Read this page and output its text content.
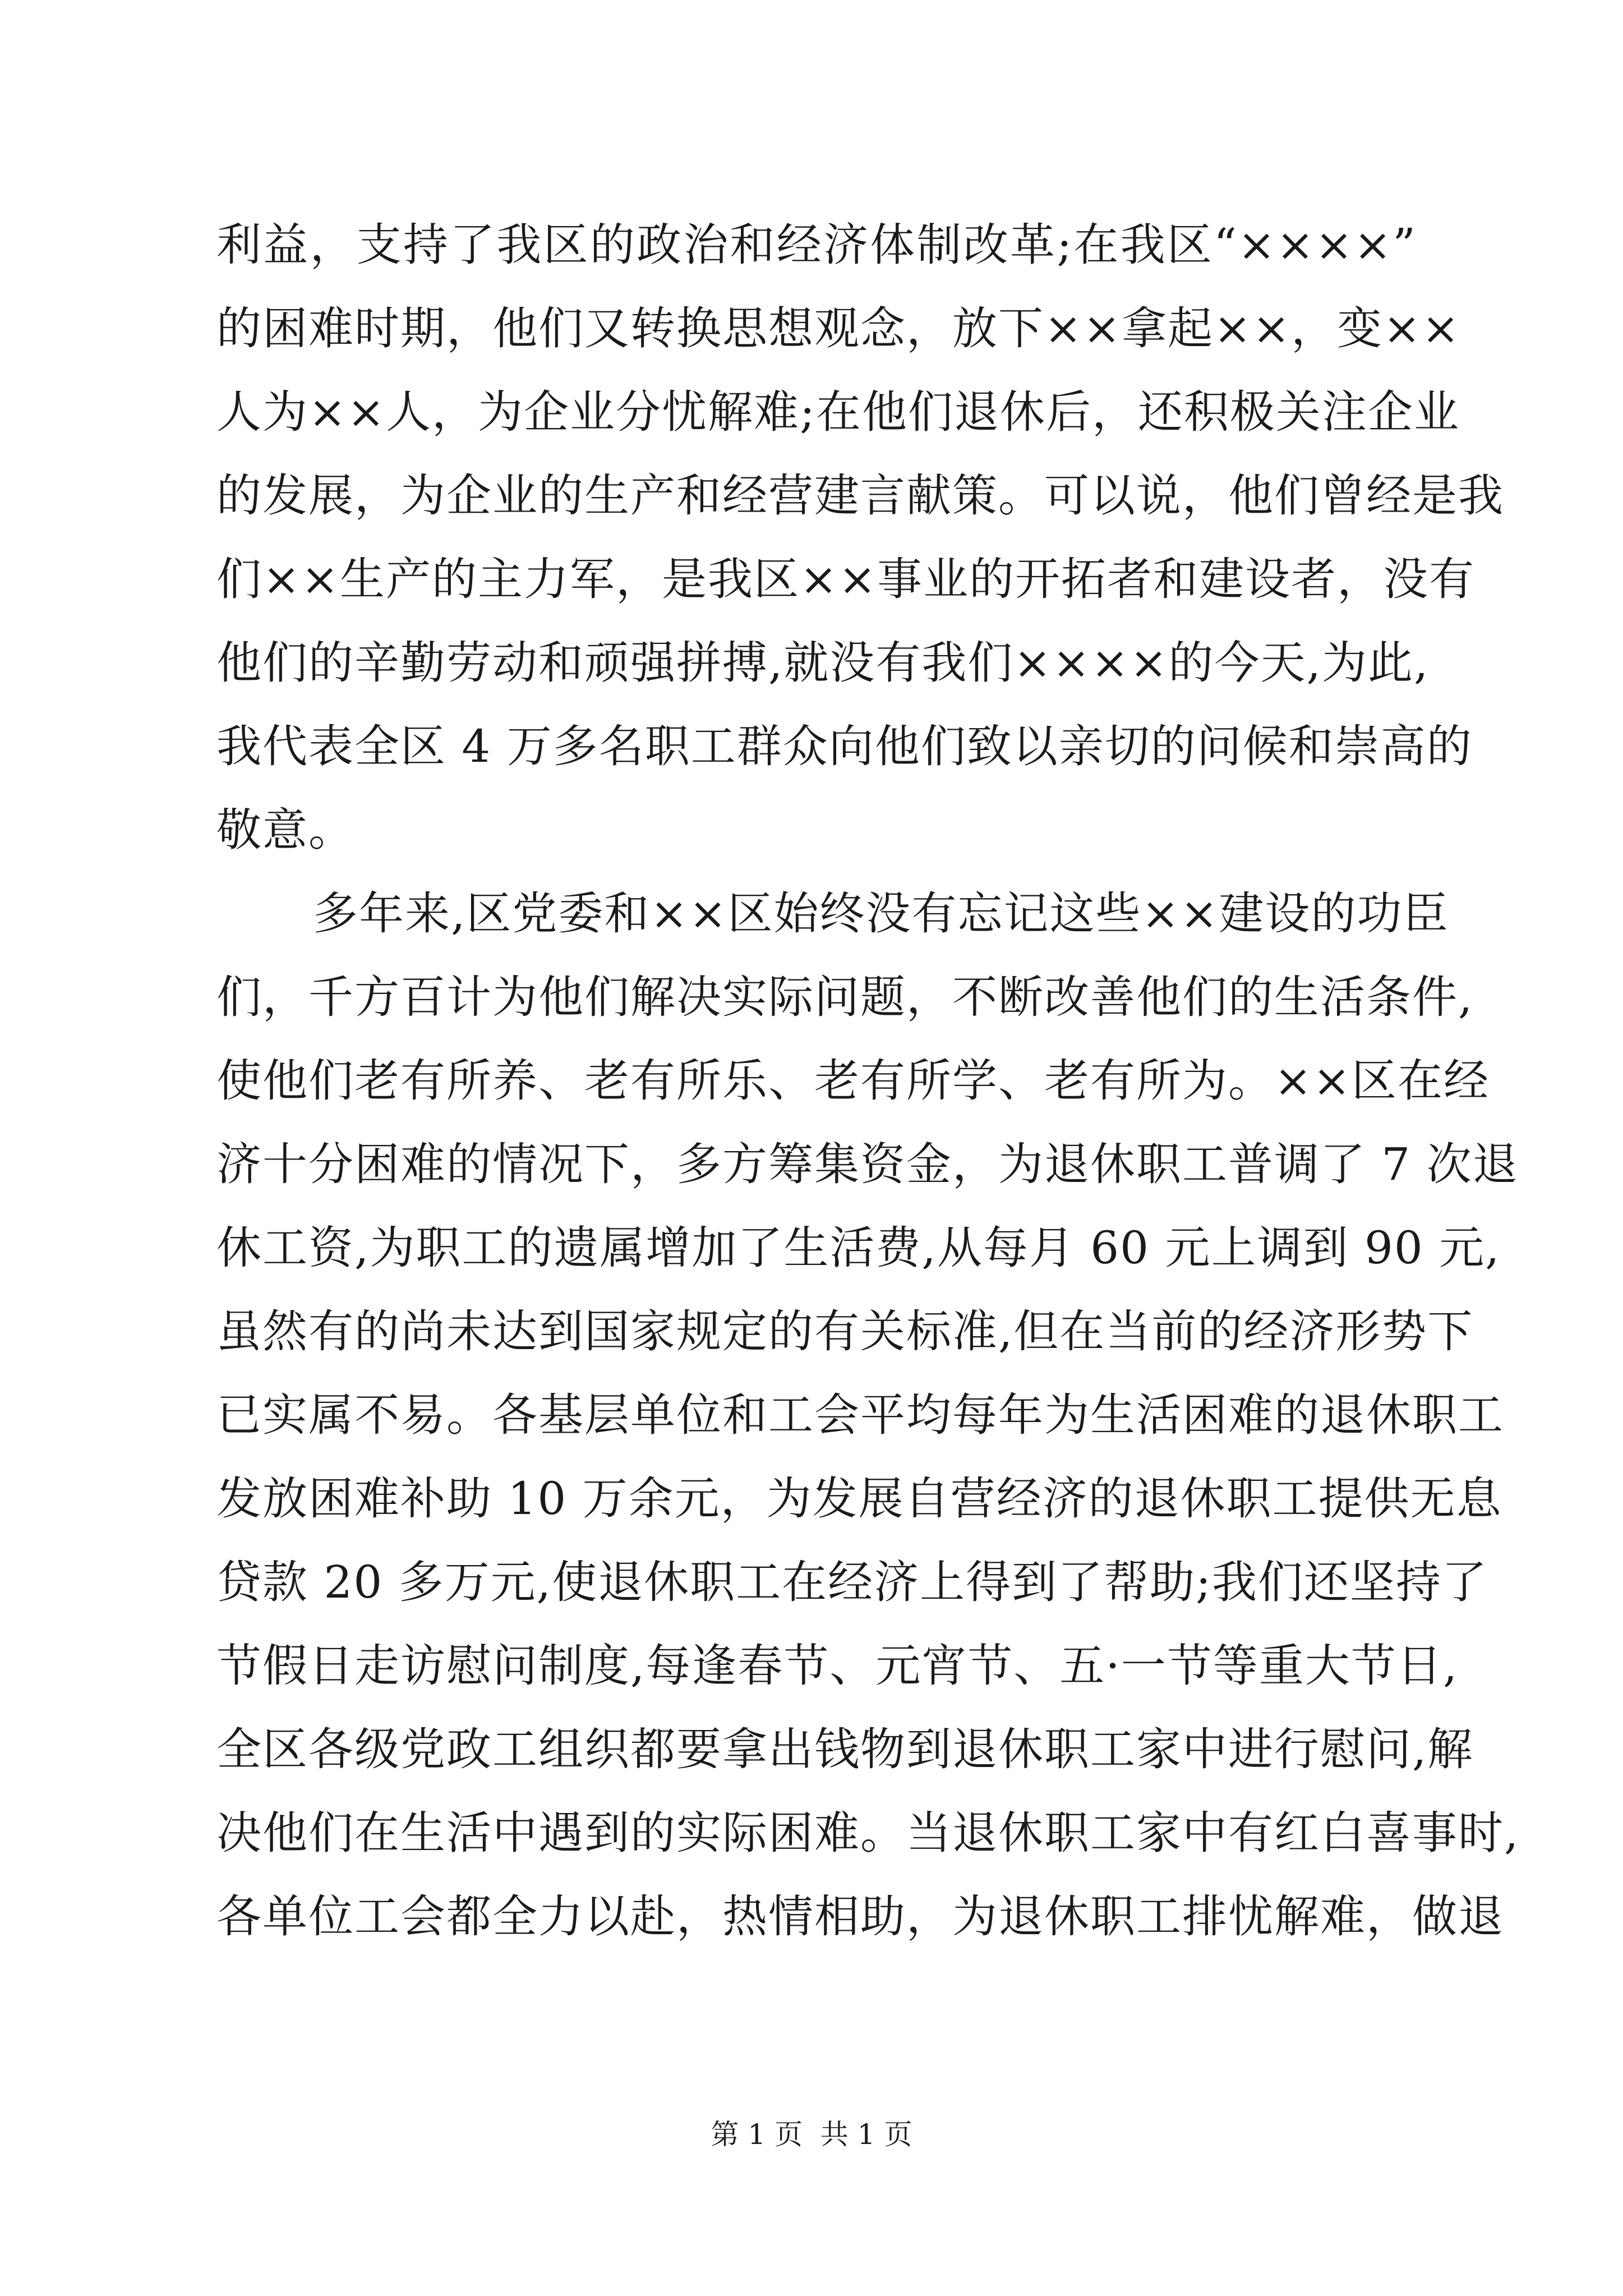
利益，支持了我区的政治和经济体制改革;在我区“××××”
的困难时期，他们又转换思想观念，放下××拿起××，变××
人为××人，为企业分忧解难;在他们退休后，还积极关注企业
的发展，为企业的生产和经营建言献策。可以说，他们曾经是我
们××生产的主力军，是我区××事业的开拓者和建设者，没有
他们的辛勤劳动和顽强拼搏,就没有我们××××的今天,为此,
我代表全区 4 万多名职工群众向他们致以亲切的问候和崇高的
敬意。
多年来,区党委和××区始终没有忘记这些××建设的功臣
们，千方百计为他们解决实际问题，不断改善他们的生活条件,
使他们老有所养、老有所乐、老有所学、老有所为。××区在经
济十分困难的情况下，多方筹集资金，为退休职工普调了 7 次退
休工资,为职工的遗属增加了生活费,从每月 60 元上调到 90 元,
虽然有的尚未达到国家规定的有关标准,但在当前的经济形势下
已实属不易。各基层单位和工会平均每年为生活困难的退休职工
发放困难补助 10 万余元，为发展自营经济的退休职工提供无息
贷款 20 多万元,使退休职工在经济上得到了帮助;我们还坚持了
节假日走访慰问制度,每逢春节、元宵节、五·一节等重大节日,
全区各级党政工组织都要拿出钱物到退休职工家中进行慰问,解
决他们在生活中遇到的实际困难。当退休职工家中有红白喜事时,
各单位工会都全力以赴，热情相助，为退休职工排忧解难，做退
第 1 页  共 1 页
